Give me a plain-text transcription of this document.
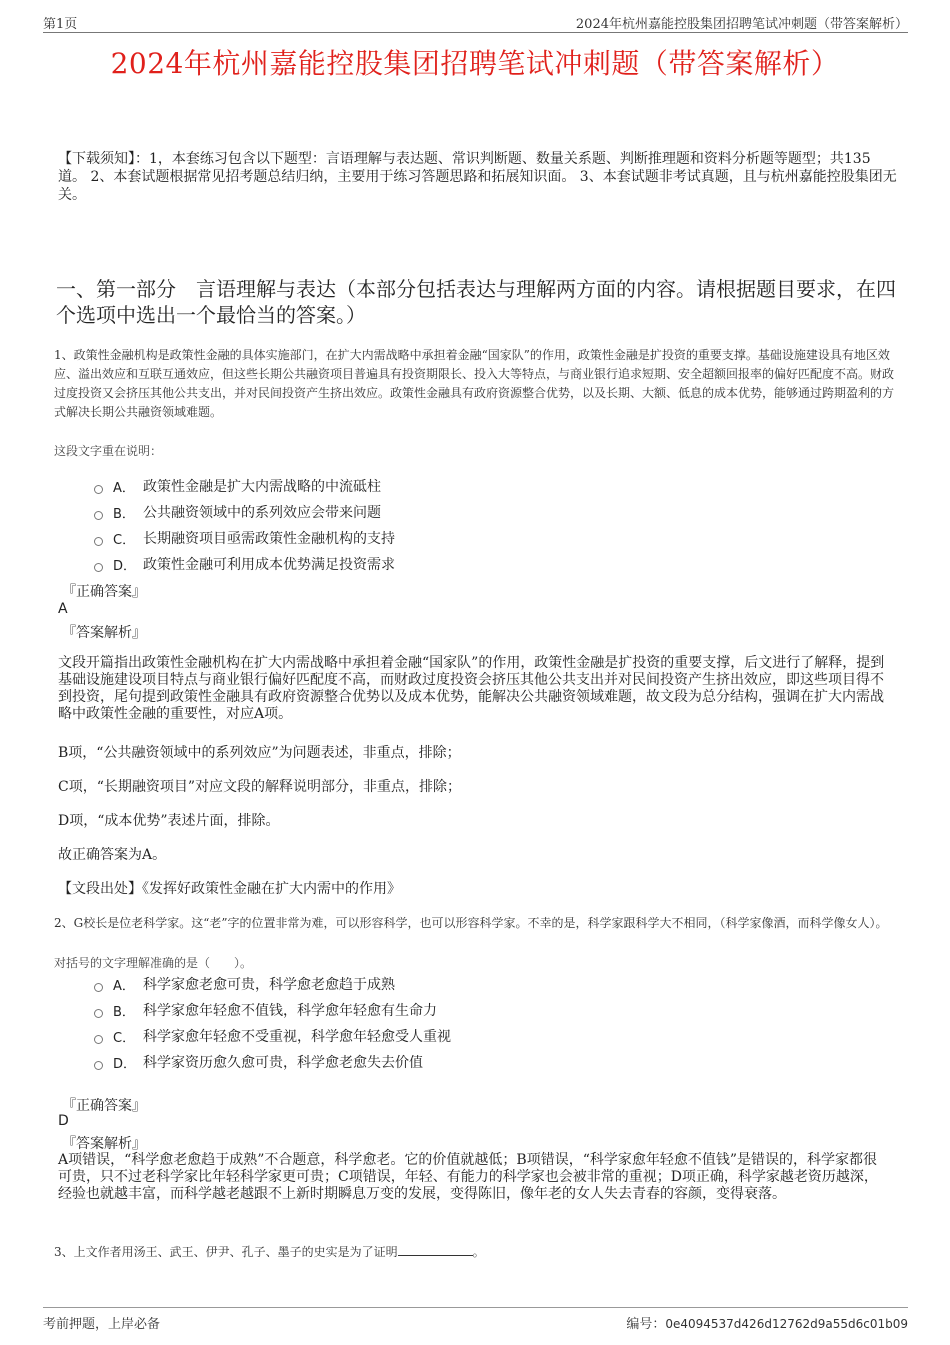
第1页	2024年杭州嘉能控股集团招聘笔试冲刺题（带答案解析）
2024年杭州嘉能控股集团招聘笔试冲刺题（带答案解析）
【下载须知】：1，本套练习包含以下题型：言语理解与表达题、常识判断题、数量关系题、判断推理题和资料分析题等题型；共135道。 2、本套试题根据常见招考题总结归纳，主要用于练习答题思路和拓展知识面。 3、本套试题非考试真题，且与杭州嘉能控股集团无关。
一、第一部分　言语理解与表达（本部分包括表达与理解两方面的内容。请根据题目要求，在四个选项中选出一个最恰当的答案。）
1、政策性金融机构是政策性金融的具体实施部门，在扩大内需战略中承担着金融“国家队”的作用，政策性金融是扩投资的重要支撑。基础设施建设具有地区效应、溢出效应和互联互通效应，但这些长期公共融资项目普遍具有投资期限长、投入大等特点，与商业银行追求短期、安全超额回报率的偏好匹配度不高。财政过度投资又会挤压其他公共支出，并对民间投资产生挤出效应。政策性金融具有政府资源整合优势，以及长期、大额、低息的成本优势，能够通过跨期盈利的方式解决长期公共融资领域难题。
这段文字重在说明：
A． 政策性金融是扩大内需战略的中流砥柱
B． 公共融资领域中的系列效应会带来问题
C． 长期融资项目亟需政策性金融机构的支持
D． 政策性金融可利用成本优势满足投资需求
『正确答案』
A
『答案解析』
文段开篇指出政策性金融机构在扩大内需战略中承担着金融“国家队”的作用，政策性金融是扩投资的重要支撑，后文进行了解释，提到基础设施建设项目特点与商业银行偏好匹配度不高，而财政过度投资会挤压其他公共支出并对民间投资产生挤出效应，即这些项目得不到投资，尾句提到政策性金融具有政府资源整合优势以及成本优势，能解决公共融资领域难题，故文段为总分结构，强调在扩大内需战略中政策性金融的重要性，对应A项。
B项，“公共融资领域中的系列效应”为问题表述，非重点，排除；
C项，“长期融资项目”对应文段的解释说明部分，非重点，排除；
D项，“成本优势”表述片面，排除。
故正确答案为A。
【文段出处】《发挥好政策性金融在扩大内需中的作用》
2、G校长是位老科学家。这“老”字的位置非常为难，可以形容科学，也可以形容科学家。不幸的是，科学家跟科学大不相同，（科学家像酒，而科学像女人）。
对括号的文字理解准确的是（　　）。
A． 科学家愈老愈可贵，科学愈老愈趋于成熟
B． 科学家愈年轻愈不值钱，科学愈年轻愈有生命力
C． 科学家愈年轻愈不受重视，科学愈年轻愈受人重视
D． 科学家资历愈久愈可贵，科学愈老愈失去价值
『正确答案』
D
『答案解析』
A项错误，“科学愈老愈趋于成熟”不合题意，科学愈老。它的价值就越低；B项错误，“科学家愈年轻愈不值钱”是错误的，科学家都很可贵，只不过老科学家比年轻科学家更可贵；C项错误，年轻、有能力的科学家也会被非常的重视；D项正确，科学家越老资历越深，经验也就越丰富，而科学越老越跟不上新时期瞬息万变的发展，变得陈旧，像年老的女人失去青春的容颜，变得衰落。
3、上文作者用汤王、武王、伊尹、孔子、墨子的史实是为了证明	。
考前押题，上岸必备	编号：0e4094537d426d12762d9a55d6c01b09
